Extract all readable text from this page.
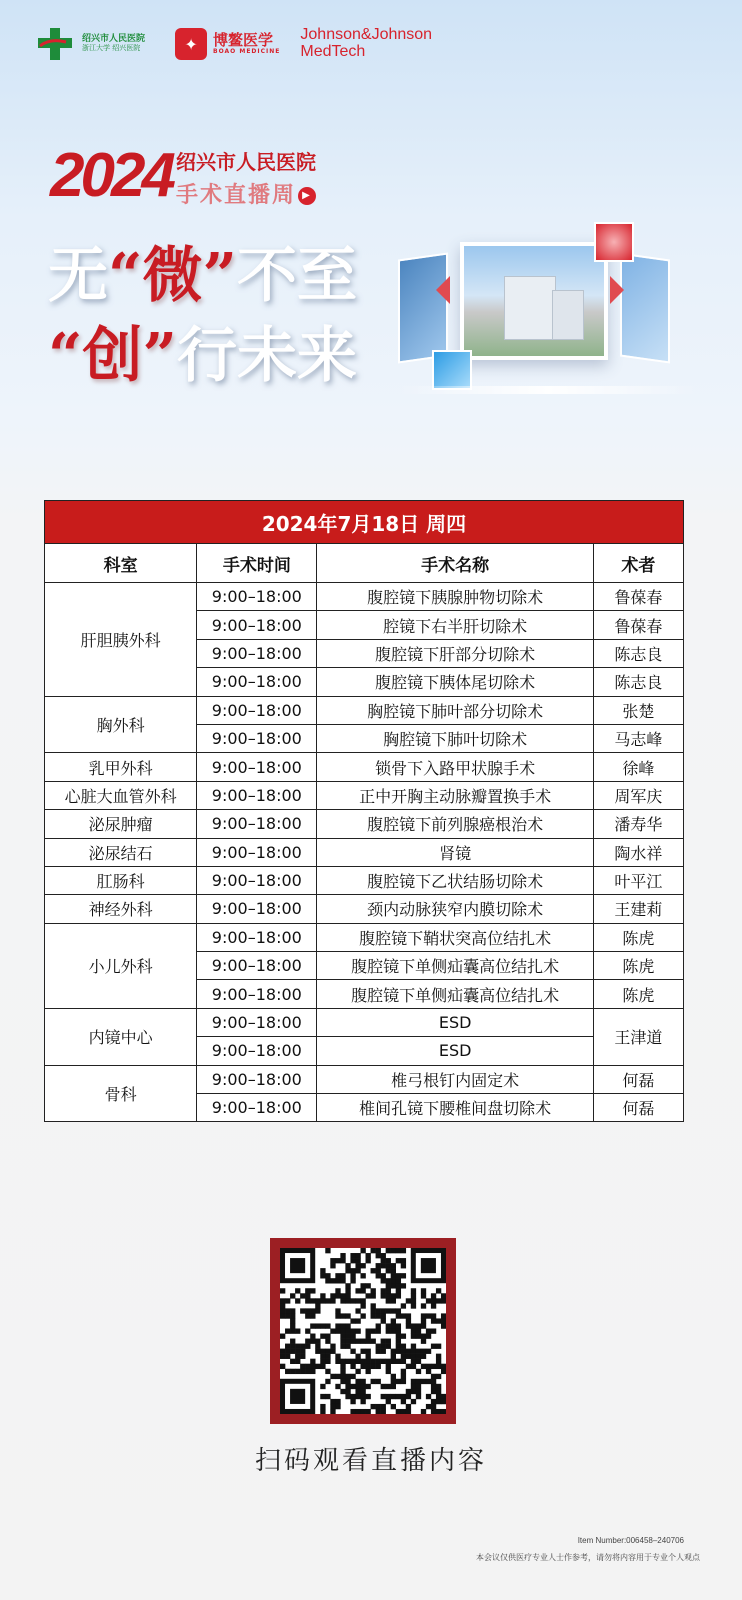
绍兴市人民医院
浙江大学 绍兴医院	✦	博鳌医学
BOAO MEDICINE
Johnson&Johnson
MedTech
2024 绍兴市人民医院
手术直播周 ▶
无“微”不至
“创”行未来
2024年7月18日 周四			
科室	手术时间	手术名称	术者
肝胆胰外科	9:00–18:00	腹腔镜下胰腺肿物切除术	鲁葆春
	9:00–18:00	腔镜下右半肝切除术	鲁葆春
	9:00–18:00	腹腔镜下肝部分切除术	陈志良
	9:00–18:00	腹腔镜下胰体尾切除术	陈志良
胸外科	9:00–18:00	胸腔镜下肺叶部分切除术	张楚
	9:00–18:00	胸腔镜下肺叶切除术	马志峰
乳甲外科	9:00–18:00	锁骨下入路甲状腺手术	徐峰
心脏大血管外科	9:00–18:00	正中开胸主动脉瓣置换手术	周军庆
泌尿肿瘤	9:00–18:00	腹腔镜下前列腺癌根治术	潘寿华
泌尿结石	9:00–18:00	肾镜	陶水祥
肛肠科	9:00–18:00	腹腔镜下乙状结肠切除术	叶平江
神经外科	9:00–18:00	颈内动脉狭窄内膜切除术	王建莉
小儿外科	9:00–18:00	腹腔镜下鞘状突高位结扎术	陈虎
	9:00–18:00	腹腔镜下单侧疝囊高位结扎术	陈虎
	9:00–18:00	腹腔镜下单侧疝囊高位结扎术	陈虎
内镜中心	9:00–18:00	ESD	王津道
	9:00–18:00	ESD	
骨科	9:00–18:00	椎弓根钉内固定术	何磊
	9:00–18:00	椎间孔镜下腰椎间盘切除术	何磊
扫码观看直播内容
Item Number:006458–240706
本会议仅供医疗专业人士作参考，请勿将内容用于专业个人观点
